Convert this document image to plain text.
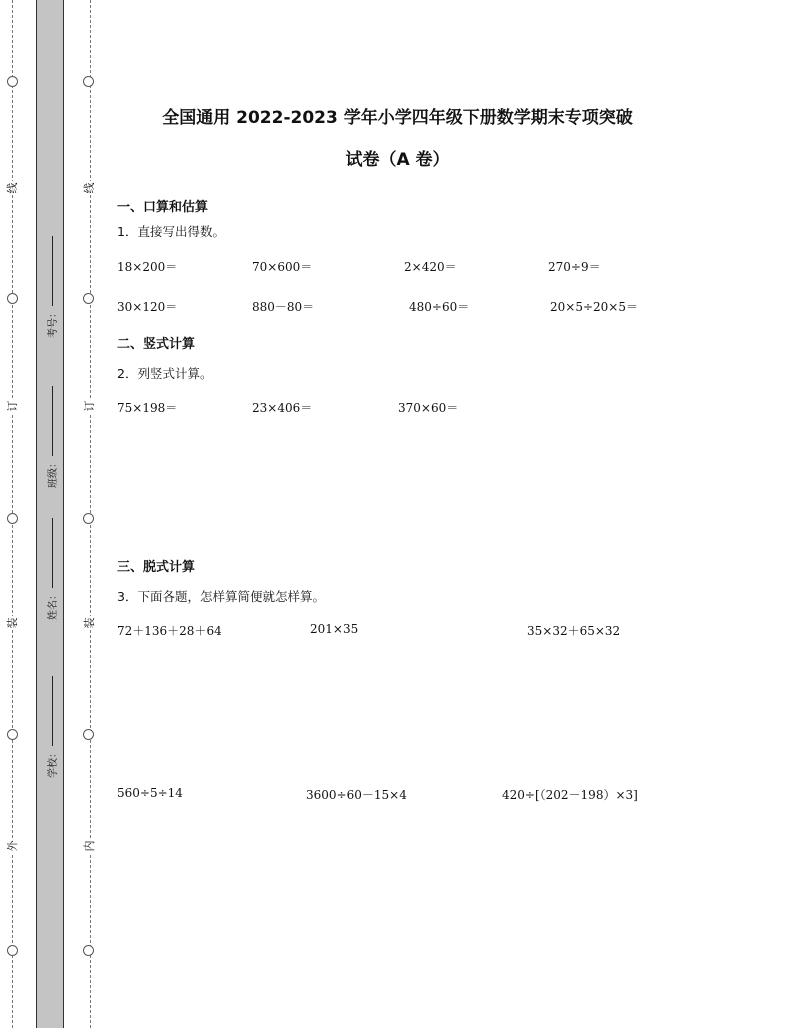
线
订
装
外
线
订
装
内
考号：
班级：
姓名：
学校：
全国通用 2022-2023 学年小学四年级下册数学期末专项突破
试卷（A 卷）
一、口算和估算
1．直接写出得数。
18×200＝	70×600＝	2×420＝	270÷9＝
30×120＝	880－80＝	480÷60＝	20×5÷20×5＝
二、竖式计算
2．列竖式计算。
75×198＝	23×406＝	370×60＝
三、脱式计算
3．下面各题，怎样算简便就怎样算。
72＋136＋28＋64	201×35	35×32＋65×32
560÷5÷14	3600÷60－15×4	420÷[（202－198）×3]
